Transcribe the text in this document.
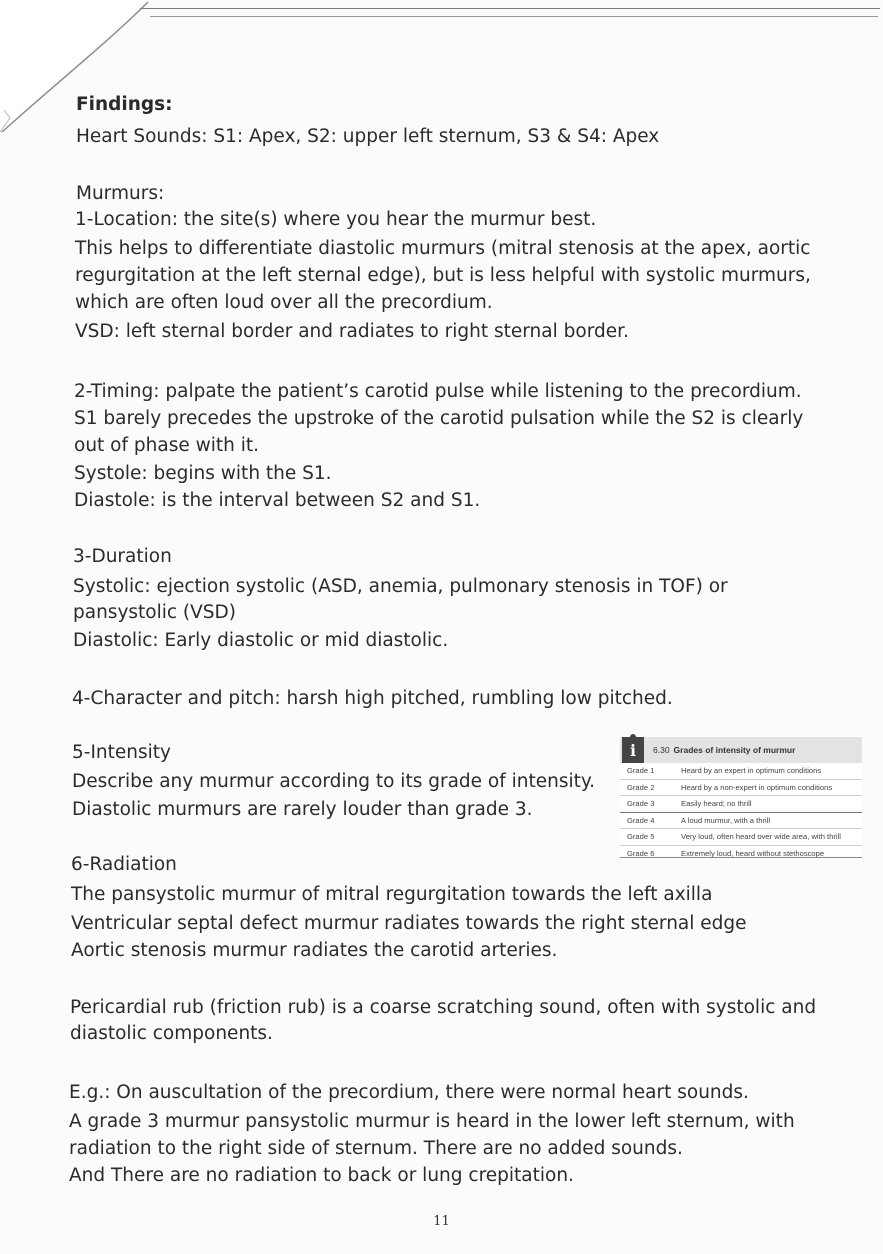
Findings:
Heart Sounds: S1: Apex, S2: upper left sternum, S3 & S4: Apex
Murmurs:
1-Location: the site(s) where you hear the murmur best.
This helps to differentiate diastolic murmurs (mitral stenosis at the apex, aortic
regurgitation at the left sternal edge), but is less helpful with systolic murmurs,
which are often loud over all the precordium.
VSD: left sternal border and radiates to right sternal border.
2-Timing: palpate the patient’s carotid pulse while listening to the precordium.
S1 barely precedes the upstroke of the carotid pulsation while the S2 is clearly
out of phase with it.
Systole: begins with the S1.
Diastole: is the interval between S2 and S1.
3-Duration
Systolic: ejection systolic (ASD, anemia, pulmonary stenosis in TOF) or
pansystolic (VSD)
Diastolic: Early diastolic or mid diastolic.
4-Character and pitch: harsh high pitched, rumbling low pitched.
5-Intensity
Describe any murmur according to its grade of intensity.
Diastolic murmurs are rarely louder than grade 3.
6-Radiation
The pansystolic murmur of mitral regurgitation towards the left axilla
Ventricular septal defect murmur radiates towards the right sternal edge
Aortic stenosis murmur radiates the carotid arteries.
Pericardial rub (friction rub) is a coarse scratching sound, often with systolic and
diastolic components.
E.g.: On auscultation of the precordium, there were normal heart sounds.
A grade 3 murmur pansystolic murmur is heard in the lower left sternum, with
radiation to the right side of sternum. There are no added sounds.
And There are no radiation to back or lung crepitation.
i	6.30 Grades of intensity of murmur
Grade 1	Heard by an expert in optimum conditions
Grade 2	Heard by a non-expert in optimum conditions
Grade 3	Easily heard; no thrill
Grade 4	A loud murmur, with a thrill
Grade 5	Very loud, often heard over wide area, with thrill
Grade 6	Extremely loud, heard without stethoscope
11
